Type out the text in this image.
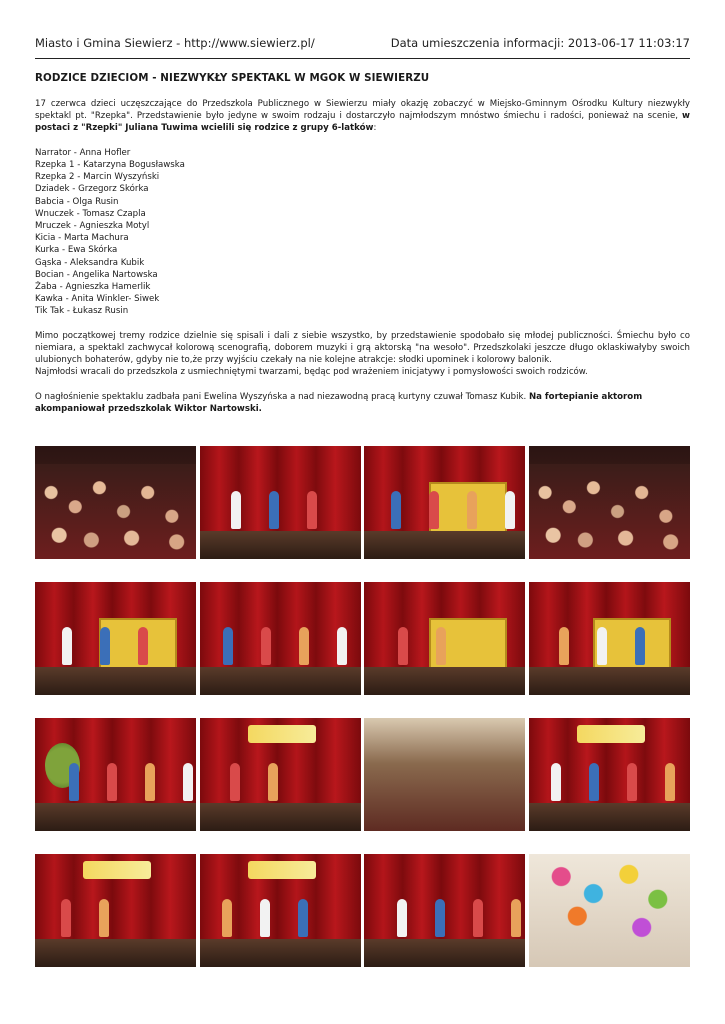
Miasto i Gmina Siewierz - http://www.siewierz.pl/	Data umieszczenia informacji: 2013-06-17 11:03:17
RODZICE DZIECIOM - NIEZWYKŁY SPEKTAKL W MGOK W SIEWIERZU

17 czerwca dzieci uczęszczające do Przedszkola Publicznego w Siewierzu miały okazję zobaczyć w Miejsko-Gminnym Ośrodku Kultury niezwykły spektakl pt. "Rzepka". Przedstawienie było jedyne w swoim rodzaju i dostarczyło najmłodszym mnóstwo śmiechu i radości, ponieważ na scenie, w postaci z "Rzepki" Juliana Tuwima wcielili się rodzice z grupy 6-latków:

Narrator - Anna Hofler
Rzepka 1 - Katarzyna Bogusławska
Rzepka 2 - Marcin Wyszyński
Dziadek - Grzegorz Skórka
Babcia - Olga Rusin
Wnuczek - Tomasz Czapla
Mruczek - Agnieszka Motyl
Kicia - Marta Machura
Kurka - Ewa Skórka
Gąska - Aleksandra Kubik
Bocian - Angelika Nartowska
Żaba - Agnieszka Hamerlik
Kawka - Anita Winkler- Siwek
Tik Tak - Łukasz Rusin

Mimo początkowej tremy rodzice dzielnie się spisali i dali z siebie wszystko, by przedstawienie spodobało się młodej publiczności. Śmiechu było co niemiara, a spektakl zachwycał kolorową scenografią, doborem muzyki i grą aktorską "na wesoło". Przedszkolaki jeszcze długo oklaskiwałyby swoich ulubionych bohaterów, gdyby nie to,że przy wyjściu czekały na nie kolejne atrakcje: słodki upominek i kolorowy balonik.

Najmłodsi wracali do przedszkola z usmiechniętymi twarzami, będąc pod wrażeniem inicjatywy i pomysłowości swoich rodziców.

O nagłośnienie spektaklu zadbała pani Ewelina Wyszyńska a nad niezawodną pracą kurtyny czuwał Tomasz Kubik. Na fortepianie aktorom akompaniował przedszkolak Wiktor Nartowski.
